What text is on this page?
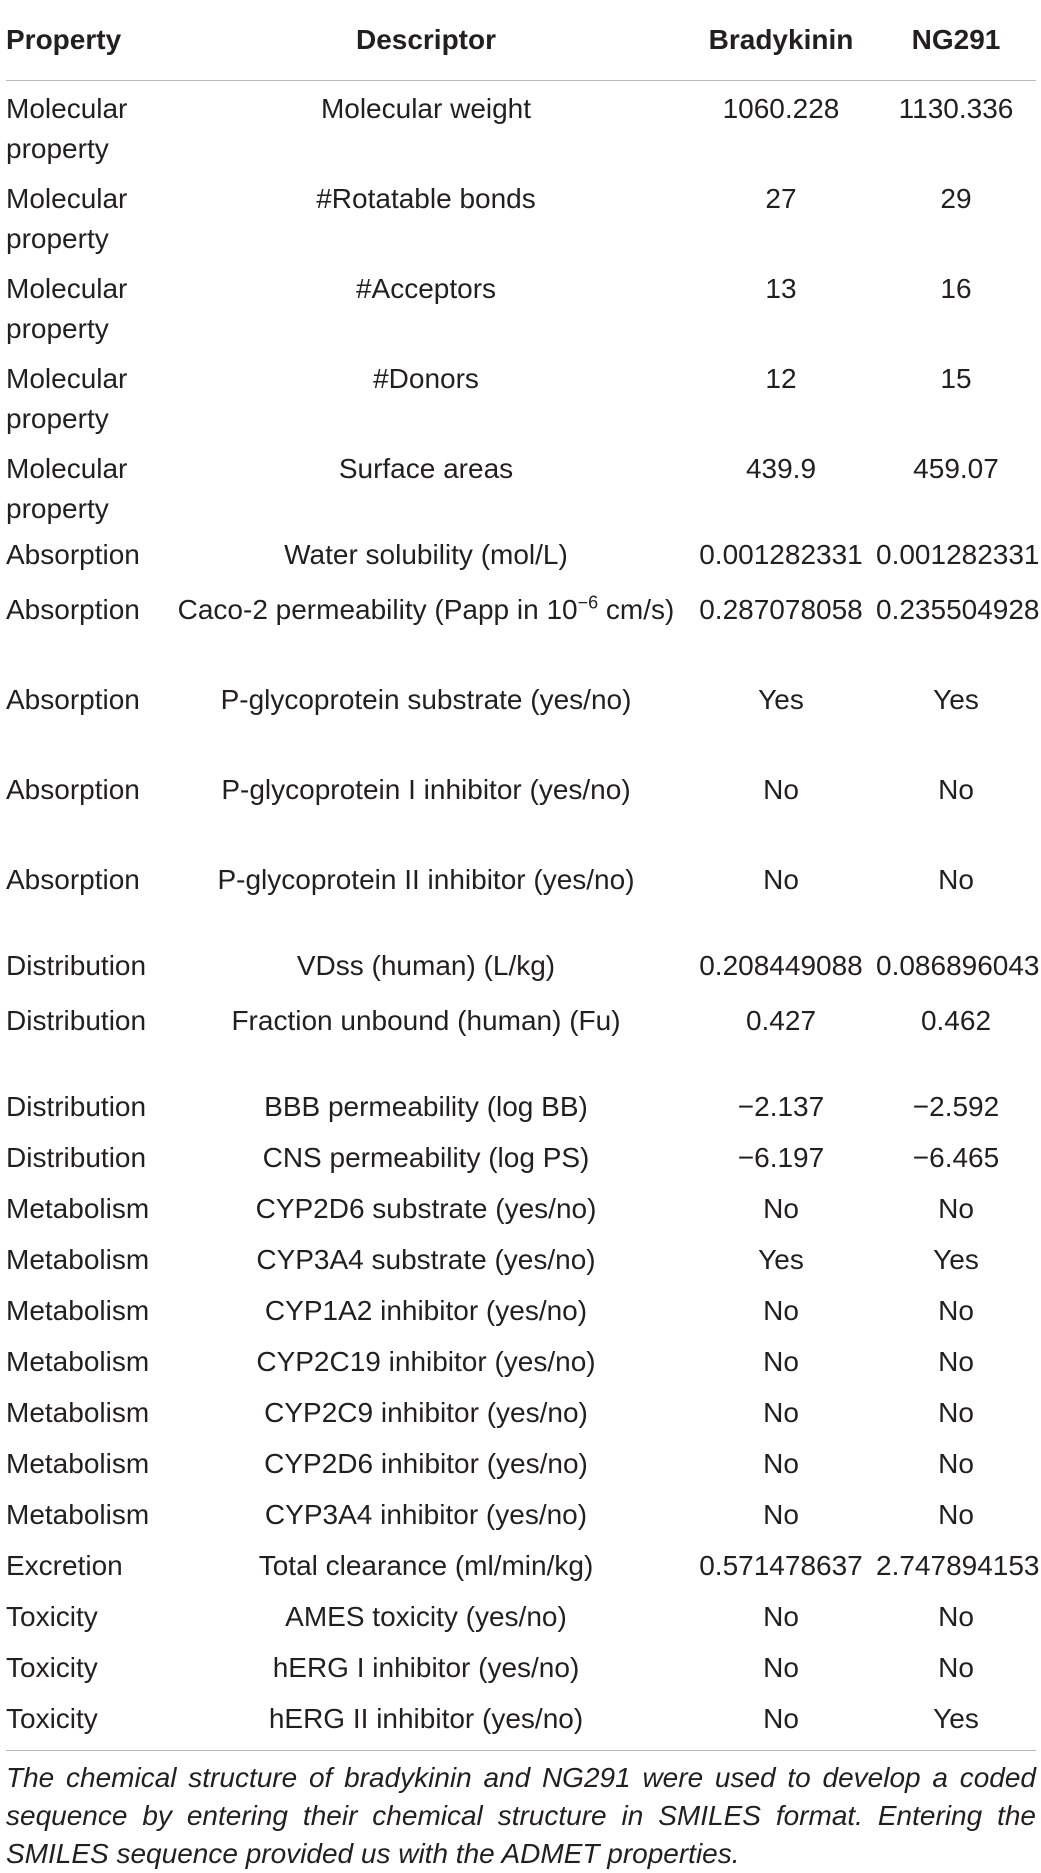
Property	Descriptor	Bradykinin	NG291
Molecular property	Molecular weight	1060.228	1130.336
Molecular property	#Rotatable bonds	27	29
Molecular property	#Acceptors	13	16
Molecular property	#Donors	12	15
Molecular property	Surface areas	439.9	459.07
Absorption	Water solubility (mol/L)	0.001282331	0.001282331
Absorption	Caco-2 permeability (Papp in $10^{-6}$ cm/s)	0.287078058	0.235504928
Absorption	P-glycoprotein substrate (yes/no)	Yes	Yes
Absorption	P-glycoprotein I inhibitor (yes/no)	No	No
Absorption	P-glycoprotein II inhibitor (yes/no)	No	No
Distribution	VDss (human) (L/kg)	0.208449088	0.086896043
Distribution	Fraction unbound (human) (Fu)	0.427	0.462
Distribution	BBB permeability (log BB)	−2.137	−2.592
Distribution	CNS permeability (log PS)	−6.197	−6.465
Metabolism	CYP2D6 substrate (yes/no)	No	No
Metabolism	CYP3A4 substrate (yes/no)	Yes	Yes
Metabolism	CYP1A2 inhibitor (yes/no)	No	No
Metabolism	CYP2C19 inhibitor (yes/no)	No	No
Metabolism	CYP2C9 inhibitor (yes/no)	No	No
Metabolism	CYP2D6 inhibitor (yes/no)	No	No
Metabolism	CYP3A4 inhibitor (yes/no)	No	No
Excretion	Total clearance (ml/min/kg)	0.571478637	2.747894153
Toxicity	AMES toxicity (yes/no)	No	No
Toxicity	hERG I inhibitor (yes/no)	No	No
Toxicity	hERG II inhibitor (yes/no)	No	Yes

The chemical structure of bradykinin and NG291 were used to develop a coded sequence by entering their chemical structure in SMILES format. Entering the SMILES sequence provided us with the ADMET properties.
